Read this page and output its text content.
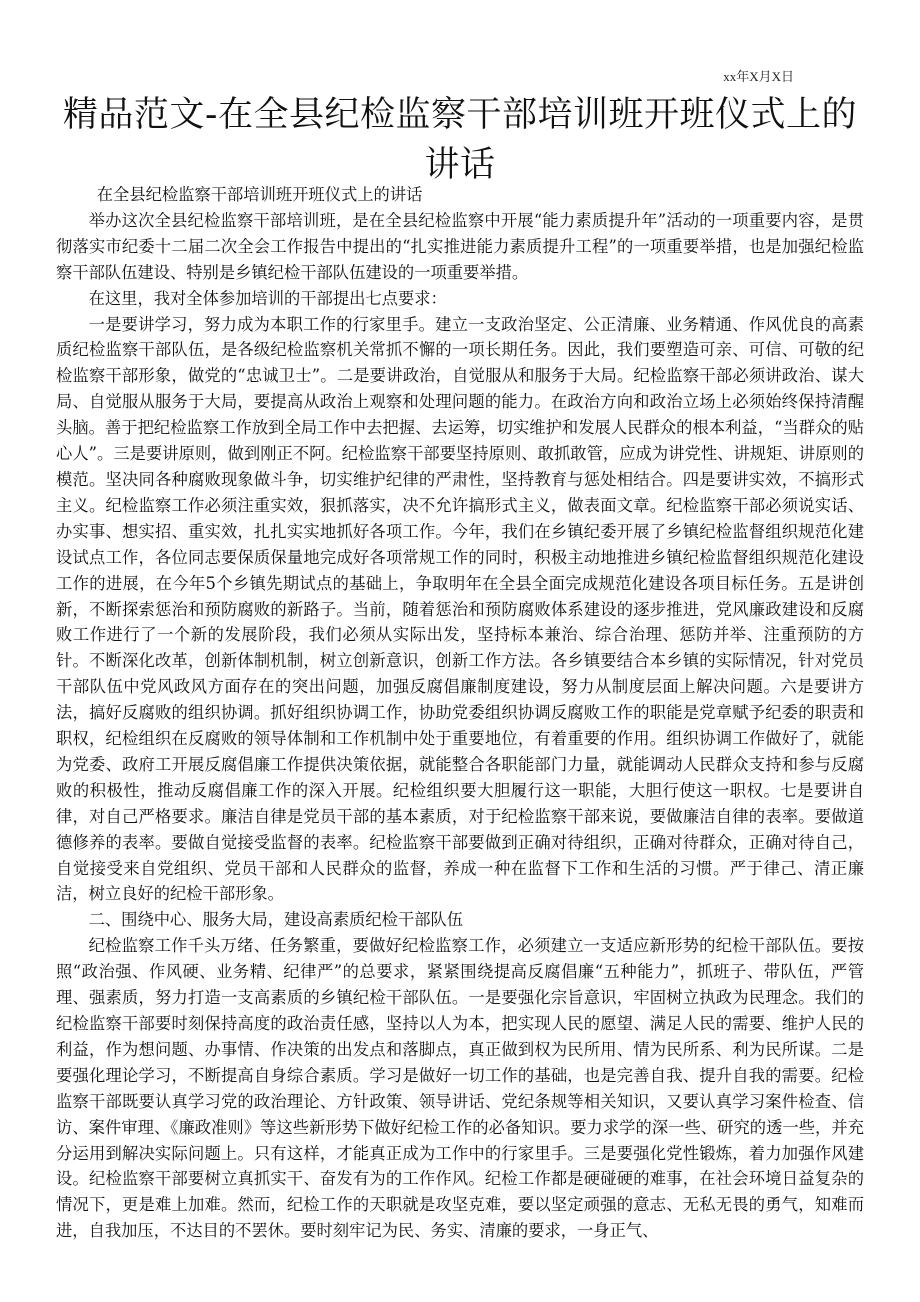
xx年X月X日
精品范文-在全县纪检监察干部培训班开班仪式上的讲话

在全县纪检监察干部培训班开班仪式上的讲话

举办这次全县纪检监察干部培训班，是在全县纪检监察中开展“能力素质提升年”活动的一项重要内容，是贯彻落实市纪委十二届二次全会工作报告中提出的“扎实推进能力素质提升工程”的一项重要举措，也是加强纪检监察干部队伍建设、特别是乡镇纪检干部队伍建设的一项重要举措。

在这里，我对全体参加培训的干部提出七点要求：

一是要讲学习，努力成为本职工作的行家里手。建立一支政治坚定、公正清廉、业务精通、作风优良的高素质纪检监察干部队伍，是各级纪检监察机关常抓不懈的一项长期任务。因此，我们要塑造可亲、可信、可敬的纪检监察干部形象，做党的“忠诚卫士”。二是要讲政治，自觉服从和服务于大局。纪检监察干部必须讲政治、谋大局、自觉服从服务于大局，要提高从政治上观察和处理问题的能力。在政治方向和政治立场上必须始终保持清醒头脑。善于把纪检监察工作放到全局工作中去把握、去运筹，切实维护和发展人民群众的根本利益，“当群众的贴心人”。三是要讲原则，做到刚正不阿。纪检监察干部要坚持原则、敢抓敢管，应成为讲党性、讲规矩、讲原则的模范。坚决同各种腐败现象做斗争，切实维护纪律的严肃性，坚持教育与惩处相结合。四是要讲实效，不搞形式主义。纪检监察工作必须注重实效，狠抓落实，决不允许搞形式主义，做表面文章。纪检监察干部必须说实话、办实事、想实招、重实效，扎扎实实地抓好各项工作。今年，我们在乡镇纪委开展了乡镇纪检监督组织规范化建设试点工作，各位同志要保质保量地完成好各项常规工作的同时，积极主动地推进乡镇纪检监督组织规范化建设工作的进展，在今年5个乡镇先期试点的基础上，争取明年在全县全面完成规范化建设各项目标任务。五是讲创新，不断探索惩治和预防腐败的新路子。当前，随着惩治和预防腐败体系建设的逐步推进，党风廉政建设和反腐败工作进行了一个新的发展阶段，我们必须从实际出发，坚持标本兼治、综合治理、惩防并举、注重预防的方针。不断深化改革，创新体制机制，树立创新意识，创新工作方法。各乡镇要结合本乡镇的实际情况，针对党员干部队伍中党风政风方面存在的突出问题，加强反腐倡廉制度建设，努力从制度层面上解决问题。六是要讲方法，搞好反腐败的组织协调。抓好组织协调工作，协助党委组织协调反腐败工作的职能是党章赋予纪委的职责和职权，纪检组织在反腐败的领导体制和工作机制中处于重要地位，有着重要的作用。组织协调工作做好了，就能为党委、政府工开展反腐倡廉工作提供决策依据，就能整合各职能部门力量，就能调动人民群众支持和参与反腐败的积极性，推动反腐倡廉工作的深入开展。纪检组织要大胆履行这一职能，大胆行使这一职权。七是要讲自律，对自己严格要求。廉洁自律是党员干部的基本素质，对于纪检监察干部来说，要做廉洁自律的表率。要做道德修养的表率。要做自觉接受监督的表率。纪检监察干部要做到正确对待组织，正确对待群众，正确对待自己，自觉接受来自党组织、党员干部和人民群众的监督，养成一种在监督下工作和生活的习惯。严于律己、清正廉洁，树立良好的纪检干部形象。

二、围绕中心、服务大局，建设高素质纪检干部队伍

纪检监察工作千头万绪、任务繁重，要做好纪检监察工作，必须建立一支适应新形势的纪检干部队伍。要按照“政治强、作风硬、业务精、纪律严”的总要求，紧紧围绕提高反腐倡廉“五种能力”，抓班子、带队伍，严管理、强素质，努力打造一支高素质的乡镇纪检干部队伍。一是要强化宗旨意识，牢固树立执政为民理念。我们的纪检监察干部要时刻保持高度的政治责任感，坚持以人为本，把实现人民的愿望、满足人民的需要、维护人民的利益，作为想问题、办事情、作决策的出发点和落脚点，真正做到权为民所用、情为民所系、利为民所谋。二是要强化理论学习，不断提高自身综合素质。学习是做好一切工作的基础，也是完善自我、提升自我的需要。纪检监察干部既要认真学习党的政治理论、方针政策、领导讲话、党纪条规等相关知识，又要认真学习案件检查、信访、案件审理、《廉政准则》等这些新形势下做好纪检工作的必备知识。要力求学的深一些、研究的透一些，并充分运用到解决实际问题上。只有这样，才能真正成为工作中的行家里手。三是要强化党性锻炼，着力加强作风建设。纪检监察干部要树立真抓实干、奋发有为的工作作风。纪检工作都是硬碰硬的难事，在社会环境日益复杂的情况下，更是难上加难。然而，纪检工作的天职就是攻坚克难，要以坚定顽强的意志、无私无畏的勇气，知难而进，自我加压，不达目的不罢休。要时刻牢记为民、务实、清廉的要求，一身正气、
